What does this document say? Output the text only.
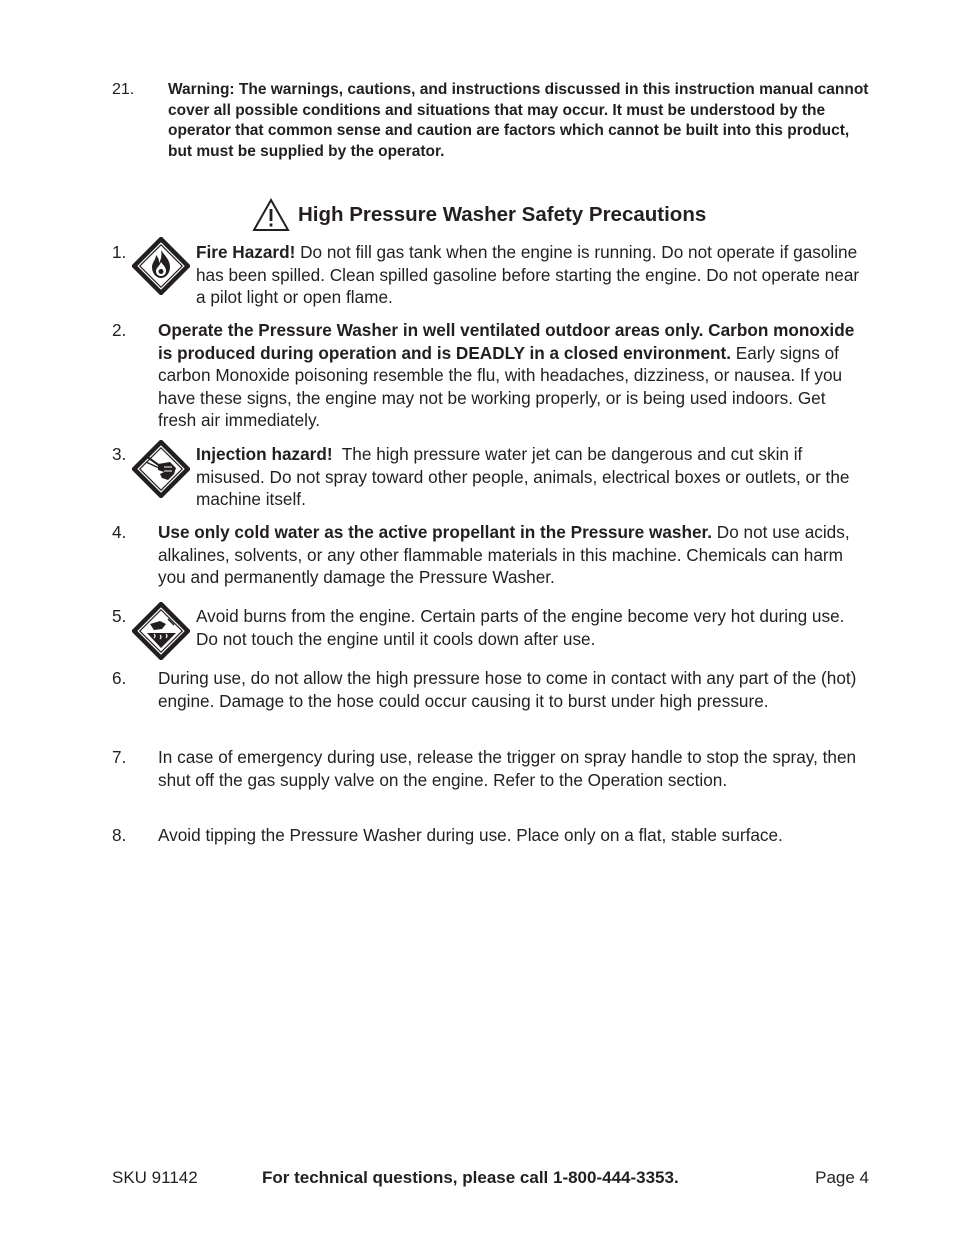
21. Warning: The warnings, cautions, and instructions discussed in this instruction manual cannot cover all possible conditions and situations that may occur. It must be understood by the operator that common sense and caution are factors which cannot be built into this product, but must be supplied by the operator.
High Pressure Washer Safety Precautions
1.	Fire Hazard! Do not fill gas tank when the engine is running. Do not operate if gasoline has been spilled. Clean spilled gasoline before starting the engine. Do not operate near a pilot light or open flame.
2. Operate the Pressure Washer in well ventilated outdoor areas only. Carbon monoxide is produced during operation and is DEADLY in a closed environment. Early signs of carbon Monoxide poisoning resemble the flu, with headaches, dizziness, or nausea. If you have these signs, the engine may not be working properly, or is being used indoors. Get fresh air immediately.
3.	Injection hazard!  The high pressure water jet can be dangerous and cut skin if misused. Do not spray toward other people, animals, electrical boxes or outlets, or the machine itself.
4. Use only cold water as the active propellant in the Pressure washer. Do not use acids, alkalines, solvents, or any other flammable materials in this machine. Chemicals can harm you and permanently damage the Pressure Washer.
5.	Avoid burns from the engine. Certain parts of the engine become very hot during use. Do not touch the engine until it cools down after use.
6. During use, do not allow the high pressure hose to come in contact with any part of the (hot) engine. Damage to the hose could occur causing it to burst under high pressure.
7. In case of emergency during use, release the trigger on spray handle to stop the spray, then shut off the gas supply valve on the engine. Refer to the Operation section.
8. Avoid tipping the Pressure Washer during use. Place only on a flat, stable surface.
SKU 91142	For technical questions, please call 1-800-444-3353.	Page 4
